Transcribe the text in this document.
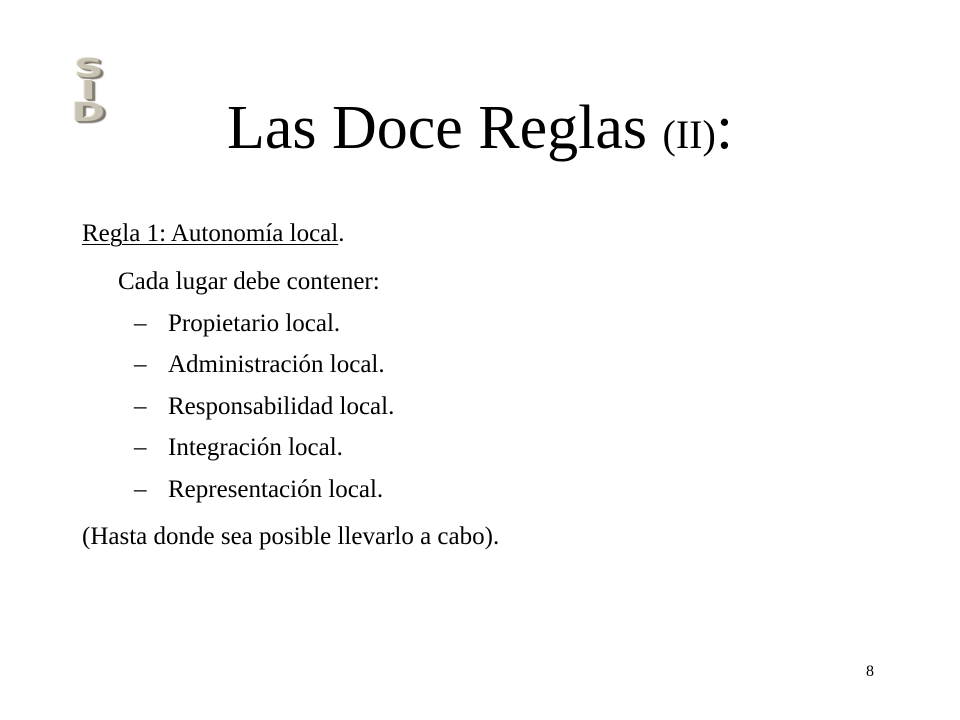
S
I
D	Las Doce Reglas (II):
Regla 1: Autonomía local.
Cada lugar debe contener:
– Propietario local.
– Administración local.
– Responsabilidad local.
– Integración local.
– Representación local.
(Hasta donde sea posible llevarlo a cabo).
8
